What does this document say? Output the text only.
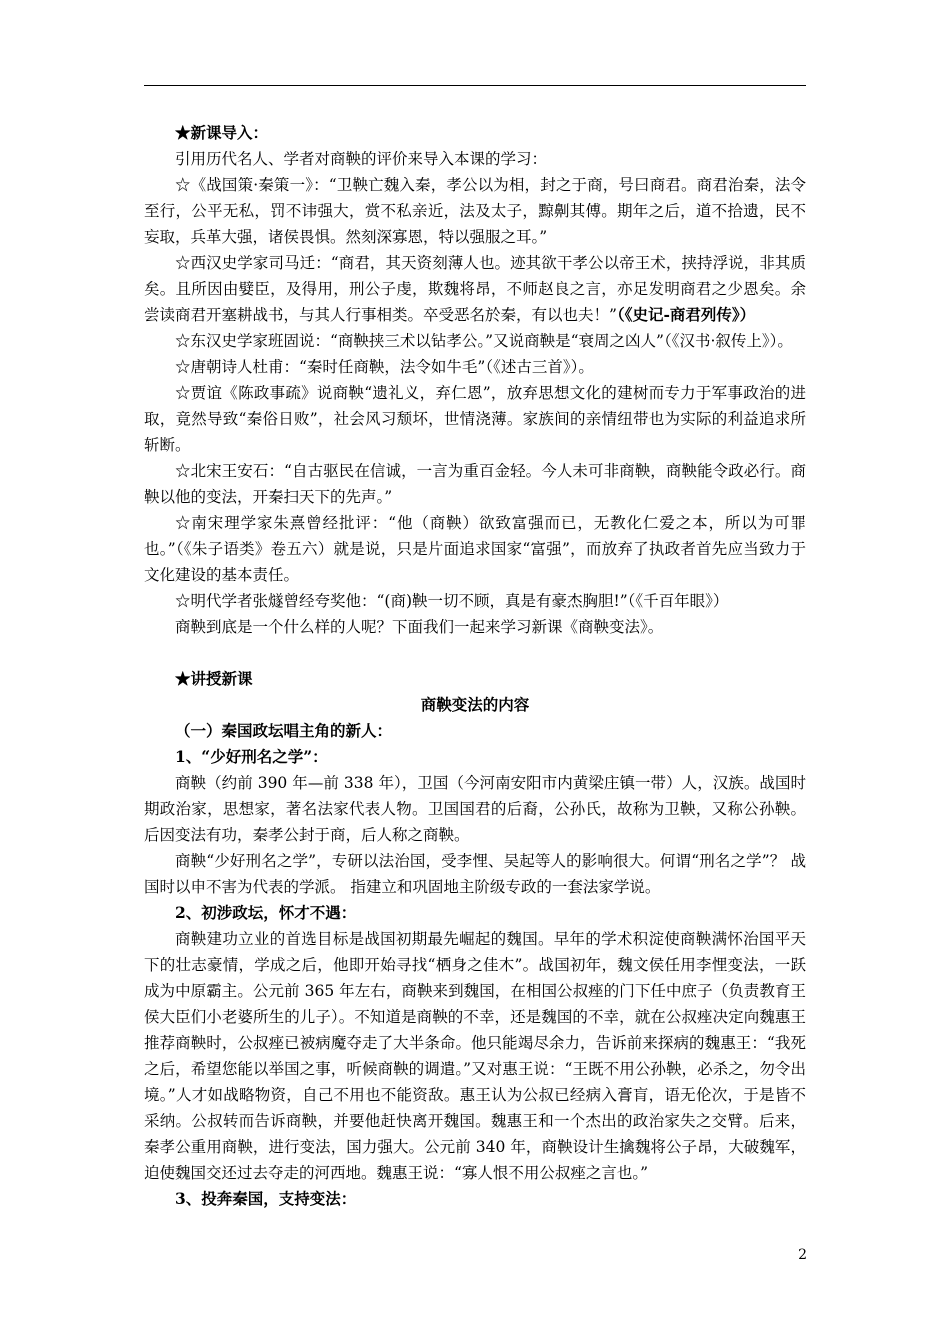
★新课导入：

引用历代名人、学者对商鞅的评价来导入本课的学习：

☆《战国策·秦策一》：“卫鞅亡魏入秦，孝公以为相，封之于商，号曰商君。商君治秦，法令至行，公平无私，罚不讳强大，赏不私亲近，法及太子，黥劓其傅。期年之后，道不拾遗，民不妄取，兵革大强，诸侯畏惧。然刻深寡恩，特以强服之耳。”

☆西汉史学家司马迁：“商君，其天资刻薄人也。迹其欲干孝公以帝王术，挟持浮说，非其质矣。且所因由嬖臣，及得用，刑公子虔，欺魏将昂，不师赵良之言，亦足发明商君之少恩矣。余尝读商君开塞耕战书，与其人行事相类。卒受恶名於秦，有以也夫！”（《史记-商君列传》）

☆东汉史学家班固说：“商鞅挟三术以钻孝公。”又说商鞅是“衰周之凶人”（《汉书·叙传上》）。

☆唐朝诗人杜甫：“秦时任商鞅，法令如牛毛”（《述古三首》）。

☆贾谊《陈政事疏》说商鞅“遗礼义，弃仁恩”，放弃思想文化的建树而专力于军事政治的进取，竟然导致“秦俗日败”，社会风习颓坏，世情浇薄。家族间的亲情纽带也为实际的利益追求所斩断。

☆北宋王安石：“自古驱民在信诚，一言为重百金轻。今人未可非商鞅，商鞅能令政必行。商鞅以他的变法，开秦扫天下的先声。”

☆南宋理学家朱熹曾经批评：“他（商鞅）欲致富强而已，无教化仁爱之本，所以为可罪也。”（《朱子语类》卷五六）就是说，只是片面追求国家“富强”，而放弃了执政者首先应当致力于文化建设的基本责任。

☆明代学者张燧曾经夸奖他：“(商)鞅一切不顾，真是有豪杰胸胆!”（《千百年眼》）

商鞅到底是一个什么样的人呢？下面我们一起来学习新课《商鞅变法》。

★讲授新课

商鞅变法的内容

（一）秦国政坛唱主角的新人：

1、“少好刑名之学”：

商鞅（约前 390 年—前 338 年），卫国（今河南安阳市内黄梁庄镇一带）人，汉族。战国时期政治家，思想家，著名法家代表人物。卫国国君的后裔，公孙氏，故称为卫鞅，又称公孙鞅。后因变法有功，秦孝公封于商，后人称之商鞅。

商鞅“少好刑名之学”，专研以法治国，受李悝、吴起等人的影响很大。何谓“刑名之学”？ 战国时以申不害为代表的学派。 指建立和巩固地主阶级专政的一套法家学说。

2、初涉政坛，怀才不遇：

商鞅建功立业的首选目标是战国初期最先崛起的魏国。早年的学术积淀使商鞅满怀治国平天下的壮志豪情，学成之后，他即开始寻找“栖身之佳木”。战国初年，魏文侯任用李悝变法，一跃成为中原霸主。公元前 365 年左右，商鞅来到魏国，在相国公叔痤的门下任中庶子（负责教育王侯大臣们小老婆所生的儿子）。不知道是商鞅的不幸，还是魏国的不幸，就在公叔痤决定向魏惠王推荐商鞅时，公叔痤已被病魔夺走了大半条命。他只能竭尽余力，告诉前来探病的魏惠王：“我死之后，希望您能以举国之事，听候商鞅的调遣。”又对惠王说：“王既不用公孙鞅，必杀之，勿令出境。”人才如战略物资，自己不用也不能资敌。惠王认为公叔已经病入膏肓，语无伦次，于是皆不采纳。公叔转而告诉商鞅，并要他赶快离开魏国。魏惠王和一个杰出的政治家失之交臂。后来，秦孝公重用商鞅，进行变法，国力强大。公元前 340 年，商鞅设计生擒魏将公子昂，大破魏军，迫使魏国交还过去夺走的河西地。魏惠王说：“寡人恨不用公叔痤之言也。”

3、投奔秦国，支持变法：

2
